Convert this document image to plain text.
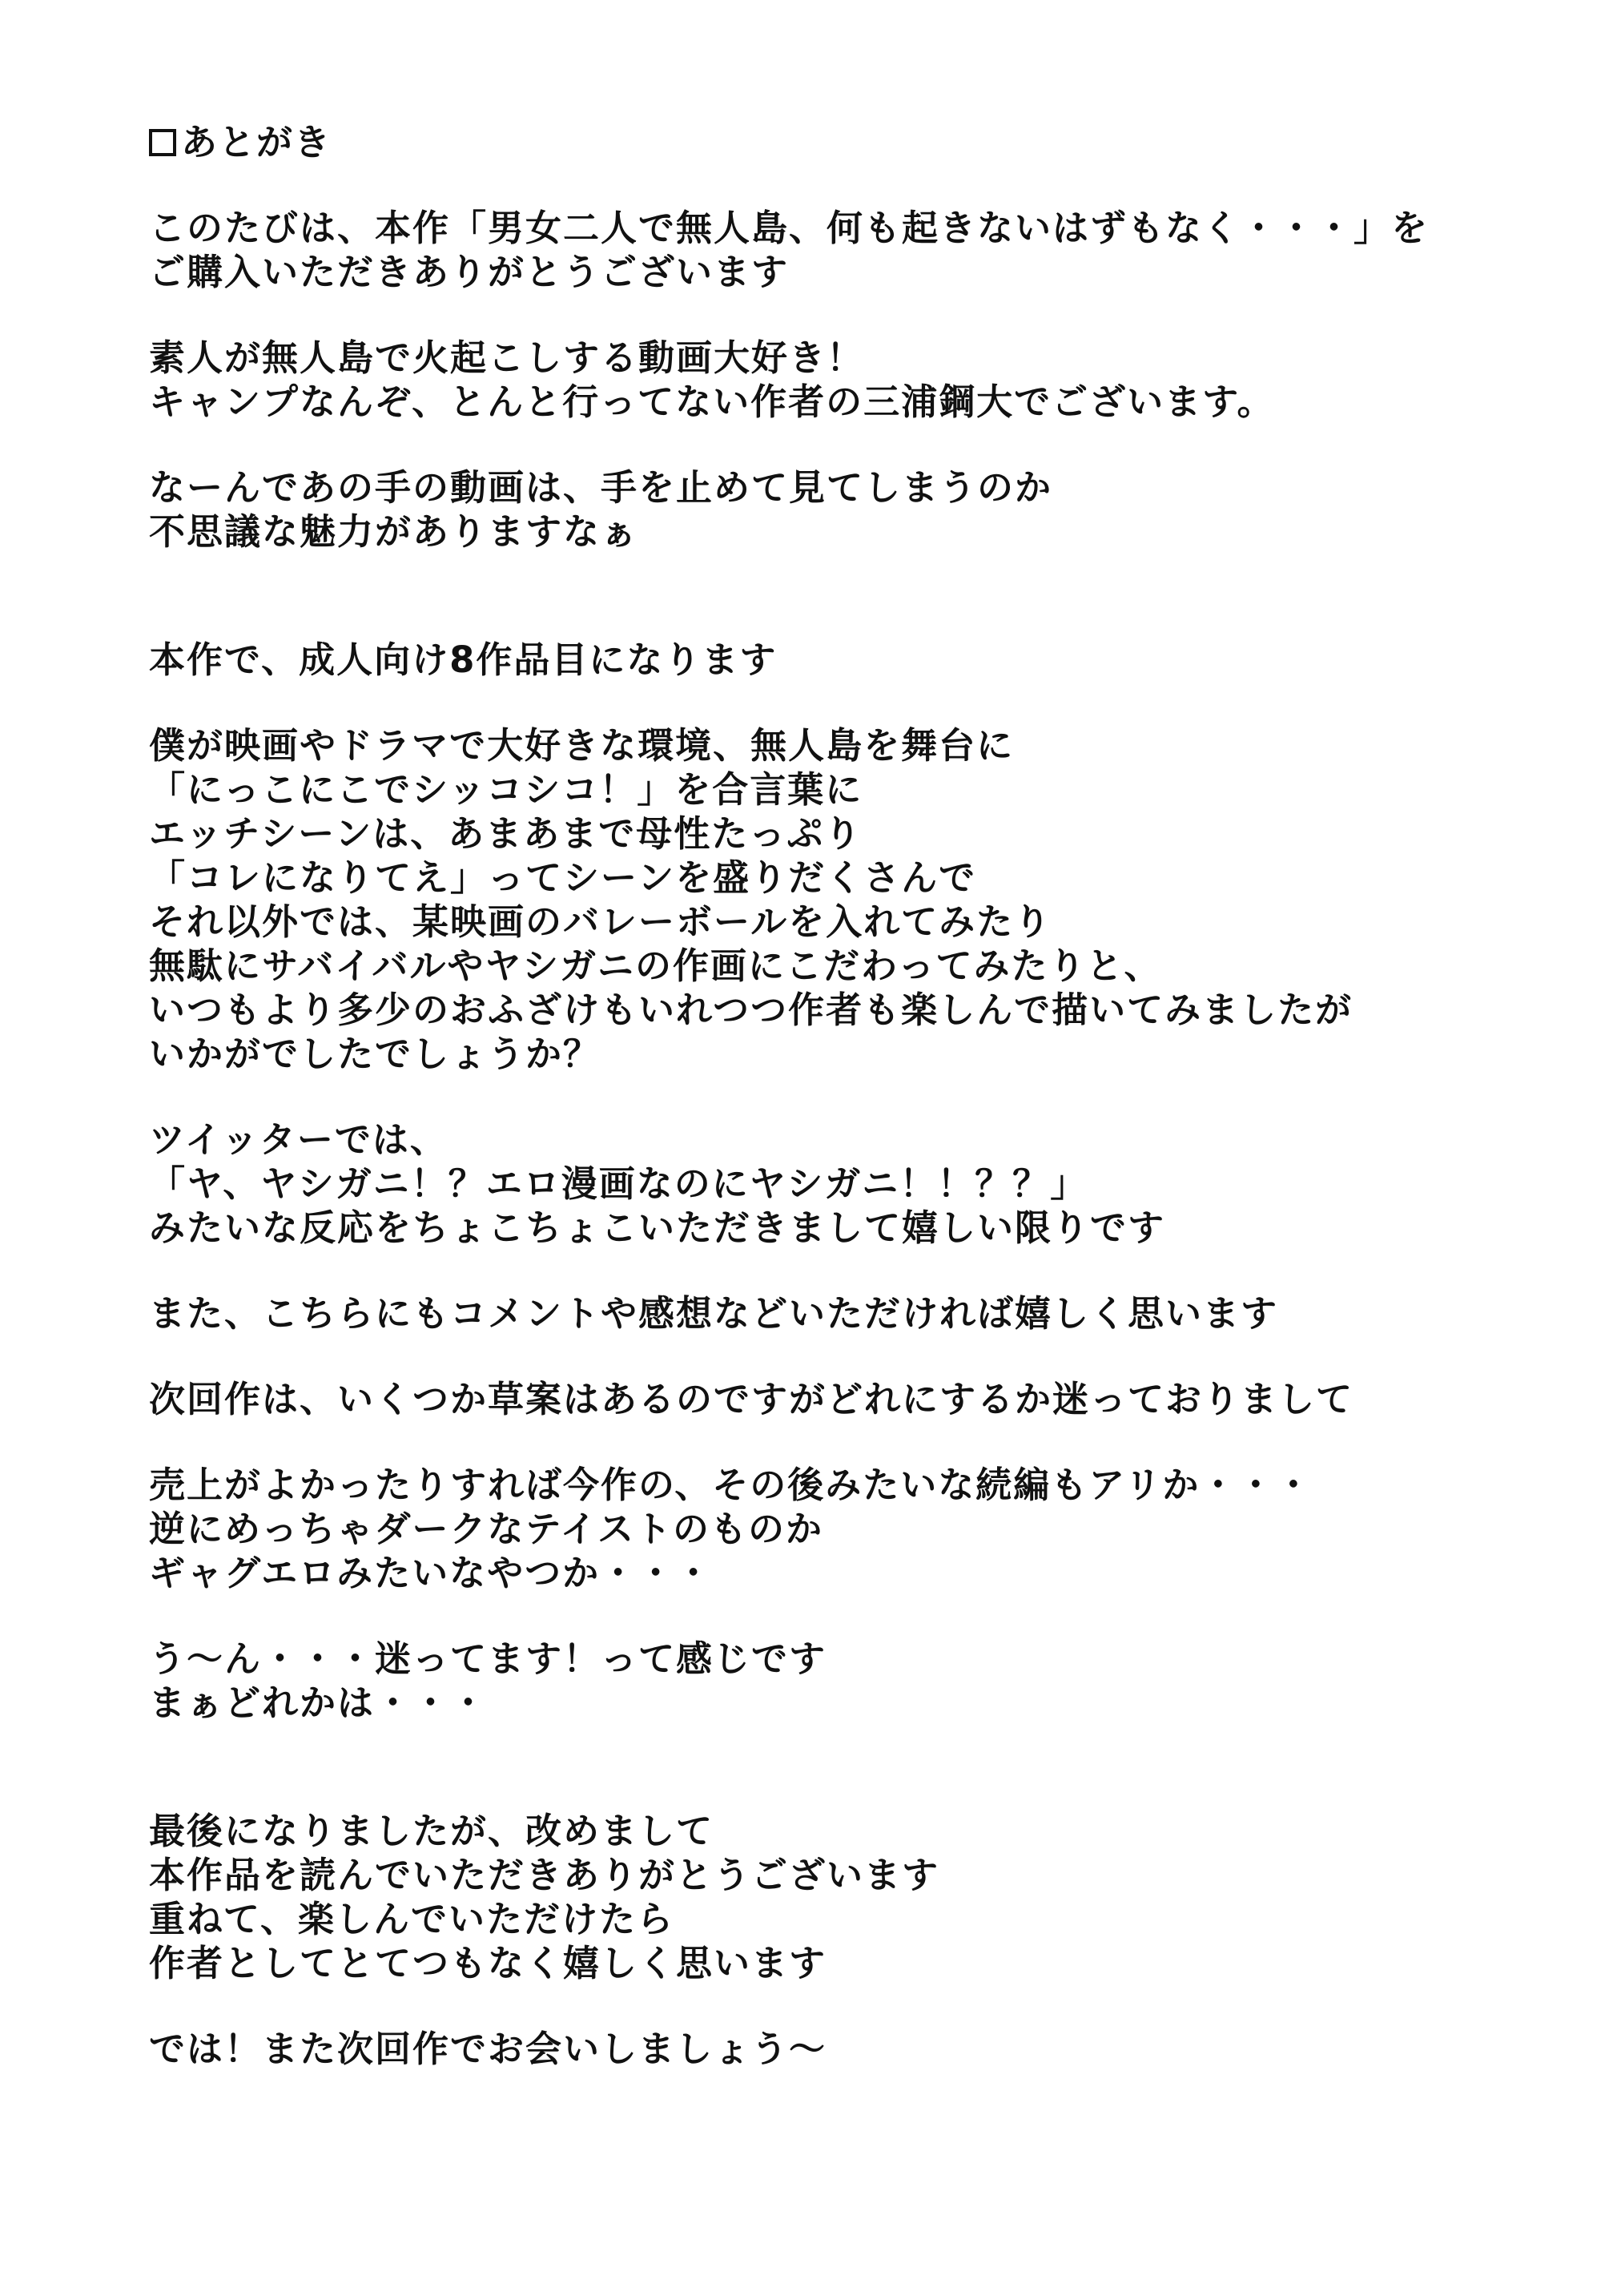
あとがき
このたびは、本作「男女二人で無人島、何も起きないはずもなく・・・」を
ご購入いただきありがとうございます
素人が無人島で火起こしする動画大好き！
キャンプなんぞ、とんと行ってない作者の三浦鋼大でございます。
なーんであの手の動画は、手を止めて見てしまうのか
不思議な魅力がありますなぁ
本作で、成人向け8作品目になります
僕が映画やドラマで大好きな環境、無人島を舞台に
「にっこにこでシッコシコ！」を合言葉に
エッチシーンは、あまあまで母性たっぷり
「コレになりてえ」ってシーンを盛りだくさんで
それ以外では、某映画のバレーボールを入れてみたり
無駄にサバイバルやヤシガニの作画にこだわってみたりと、
いつもより多少のおふざけもいれつつ作者も楽しんで描いてみましたが
いかがでしたでしょうか？
ツイッターでは、
「ヤ、ヤシガニ！？エロ漫画なのにヤシガニ！！？？」
みたいな反応をちょこちょこいただきまして嬉しい限りです
また、こちらにもコメントや感想などいただければ嬉しく思います
次回作は、いくつか草案はあるのですがどれにするか迷っておりまして
売上がよかったりすれば今作の、その後みたいな続編もアリか・・・
逆にめっちゃダークなテイストのものか
ギャグエロみたいなやつか・・・
う～ん・・・迷ってます！って感じです
まぁどれかは・・・
最後になりましたが、改めまして
本作品を読んでいただきありがとうございます
重ねて、楽しんでいただけたら
作者としてとてつもなく嬉しく思います
では！また次回作でお会いしましょう～
